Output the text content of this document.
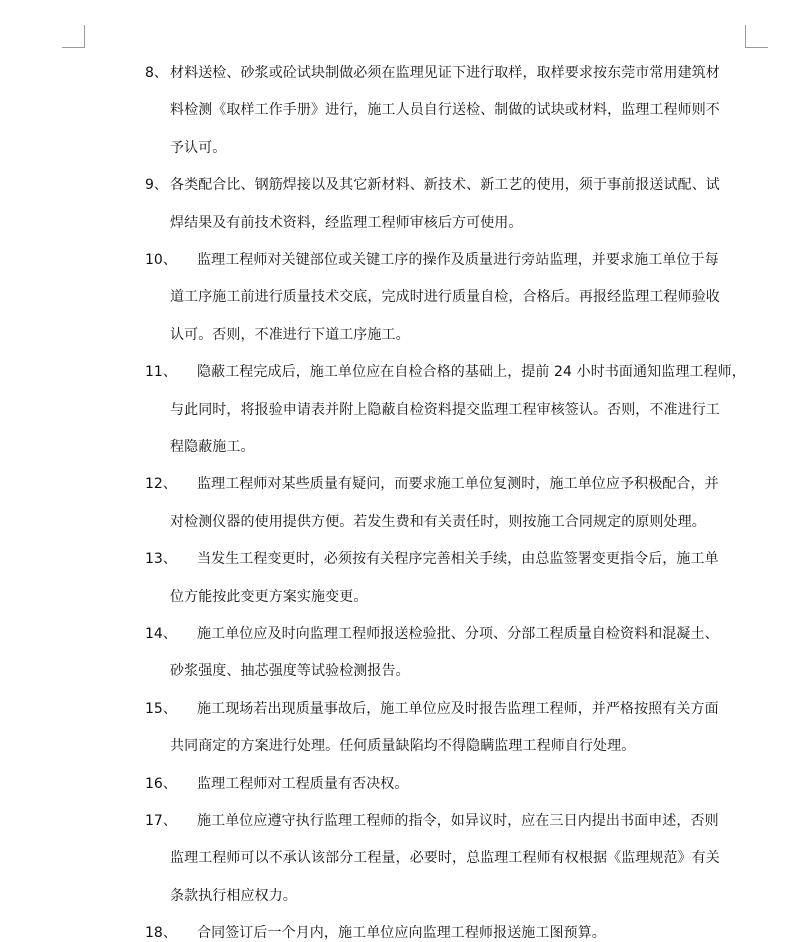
8、 材料送检、砂浆或砼试块制做必须在监理见证下进行取样，取样要求按东莞市常用建筑材
料检测《取样工作手册》进行，施工人员自行送检、制做的试块或材料，监理工程师则不
予认可。
9、 各类配合比、钢筋焊接以及其它新材料、新技术、新工艺的使用，须于事前报送试配、试
焊结果及有前技术资料，经监理工程师审核后方可使用。
10、 监理工程师对关键部位或关键工序的操作及质量进行旁站监理，并要求施工单位于每
道工序施工前进行质量技术交底，完成时进行质量自检，合格后。再报经监理工程师验收
认可。否则，不准进行下道工序施工。
11、 隐蔽工程完成后，施工单位应在自检合格的基础上，提前 24 小时书面通知监理工程师，
与此同时，将报验申请表并附上隐蔽自检资料提交监理工程审核签认。否则，不准进行工
程隐蔽施工。
12、 监理工程师对某些质量有疑问，而要求施工单位复测时，施工单位应予积极配合，并
对检测仪器的使用提供方便。若发生费和有关责任时，则按施工合同规定的原则处理。
13、 当发生工程变更时，必须按有关程序完善相关手续，由总监签署变更指令后，施工单
位方能按此变更方案实施变更。
14、 施工单位应及时向监理工程师报送检验批、分项、分部工程质量自检资料和混凝土、
砂浆强度、抽芯强度等试验检测报告。
15、 施工现场若出现质量事故后，施工单位应及时报告监理工程师，并严格按照有关方面
共同商定的方案进行处理。任何质量缺陷均不得隐瞒监理工程师自行处理。
16、 监理工程师对工程质量有否决权。
17、 施工单位应遵守执行监理工程师的指令，如异议时，应在三日内提出书面申述，否则
监理工程师可以不承认该部分工程量，必要时，总监理工程师有权根据《监理规范》有关
条款执行相应权力。
18、 合同签订后一个月内，施工单位应向监理工程师报送施工图预算。
